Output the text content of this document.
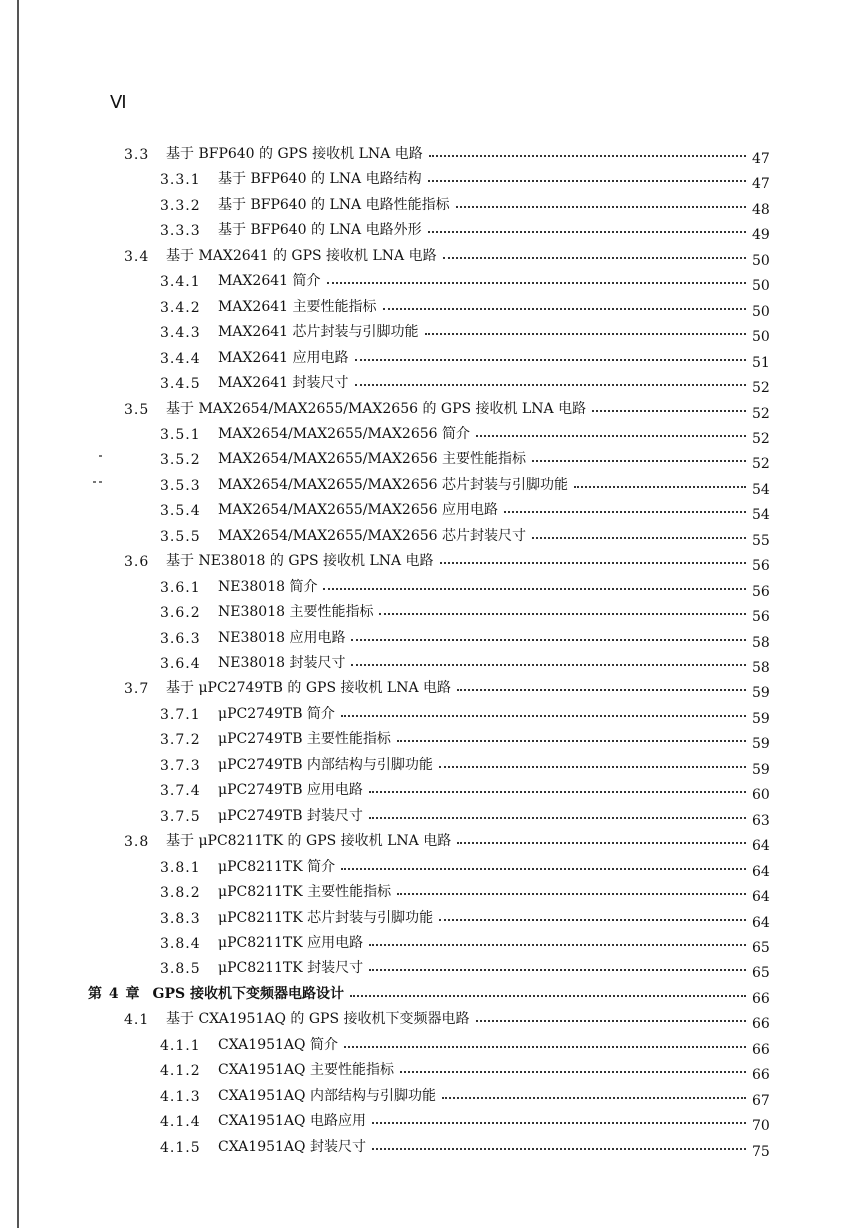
Ⅵ
3.3	基于 BFP640 的 GPS 接收机 LNA 电路	47
3.3.1	基于 BFP640 的 LNA 电路结构	47
3.3.2	基于 BFP640 的 LNA 电路性能指标	48
3.3.3	基于 BFP640 的 LNA 电路外形	49
3.4	基于 MAX2641 的 GPS 接收机 LNA 电路	50
3.4.1	MAX2641 简介	50
3.4.2	MAX2641 主要性能指标	50
3.4.3	MAX2641 芯片封装与引脚功能	50
3.4.4	MAX2641 应用电路	51
3.4.5	MAX2641 封装尺寸	52
3.5	基于 MAX2654/MAX2655/MAX2656 的 GPS 接收机 LNA 电路	52
3.5.1	MAX2654/MAX2655/MAX2656 简介	52
3.5.2	MAX2654/MAX2655/MAX2656 主要性能指标	52
3.5.3	MAX2654/MAX2655/MAX2656 芯片封装与引脚功能	54
3.5.4	MAX2654/MAX2655/MAX2656 应用电路	54
3.5.5	MAX2654/MAX2655/MAX2656 芯片封装尺寸	55
3.6	基于 NE38018 的 GPS 接收机 LNA 电路	56
3.6.1	NE38018 简介	56
3.6.2	NE38018 主要性能指标	56
3.6.3	NE38018 应用电路	58
3.6.4	NE38018 封装尺寸	58
3.7	基于 μPC2749TB 的 GPS 接收机 LNA 电路	59
3.7.1	μPC2749TB 简介	59
3.7.2	μPC2749TB 主要性能指标	59
3.7.3	μPC2749TB 内部结构与引脚功能	59
3.7.4	μPC2749TB 应用电路	60
3.7.5	μPC2749TB 封装尺寸	63
3.8	基于 μPC8211TK 的 GPS 接收机 LNA 电路	64
3.8.1	μPC8211TK 简介	64
3.8.2	μPC8211TK 主要性能指标	64
3.8.3	μPC8211TK 芯片封装与引脚功能	64
3.8.4	μPC8211TK 应用电路	65
3.8.5	μPC8211TK 封装尺寸	65
第 4 章 GPS 接收机下变频器电路设计	66
4.1	基于 CXA1951AQ 的 GPS 接收机下变频器电路	66
4.1.1	CXA1951AQ 简介	66
4.1.2	CXA1951AQ 主要性能指标	66
4.1.3	CXA1951AQ 内部结构与引脚功能	67
4.1.4	CXA1951AQ 电路应用	70
4.1.5	CXA1951AQ 封装尺寸	75
